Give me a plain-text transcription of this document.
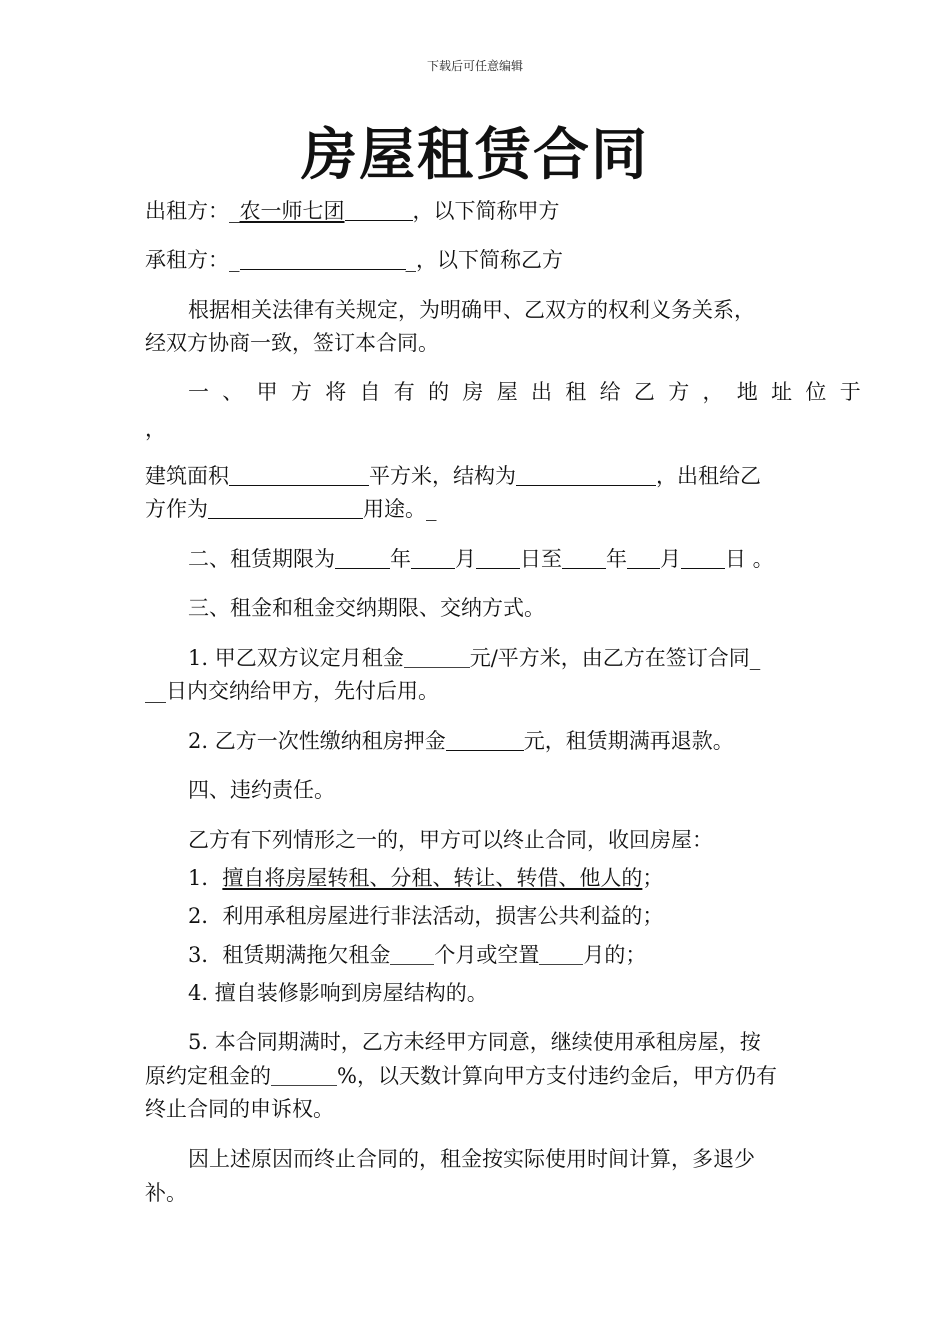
下载后可任意编辑
房屋租赁合同
出租方：_农一师七团	，以下简称甲方
承租方：_	_，以下简称乙方
根据相关法律有关规定，为明确甲、乙双方的权利义务关系，
经双方协商一致，签订本合同。
一、甲方将自有的房屋出租给乙方，地址位于
，
建筑面积	平方米，结构为	，出租给乙
方作为	用途。_
二、租赁期限为	年 月 日至 年 月 日 。
三、租金和租金交纳期限、交纳方式。
1. 甲乙双方议定月租金	元/平方米，由乙方在签订合同_
__日内交纳给甲方，先付后用。
2. 乙方一次性缴纳租房押金	元，租赁期满再退款。
四、违约责任。
乙方有下列情形之一的，甲方可以终止合同，收回房屋：
1．擅自将房屋转租、分租、转让、转借、他人的；
2．利用承租房屋进行非法活动，损害公共利益的；
3．租赁期满拖欠租金 个月或空置 月的；
4. 擅自装修影响到房屋结构的。
5. 本合同期满时，乙方未经甲方同意，继续使用承租房屋，按
原约定租金的	%，以天数计算向甲方支付违约金后，甲方仍有
终止合同的申诉权。
因上述原因而终止合同的，租金按实际使用时间计算，多退少
补。
